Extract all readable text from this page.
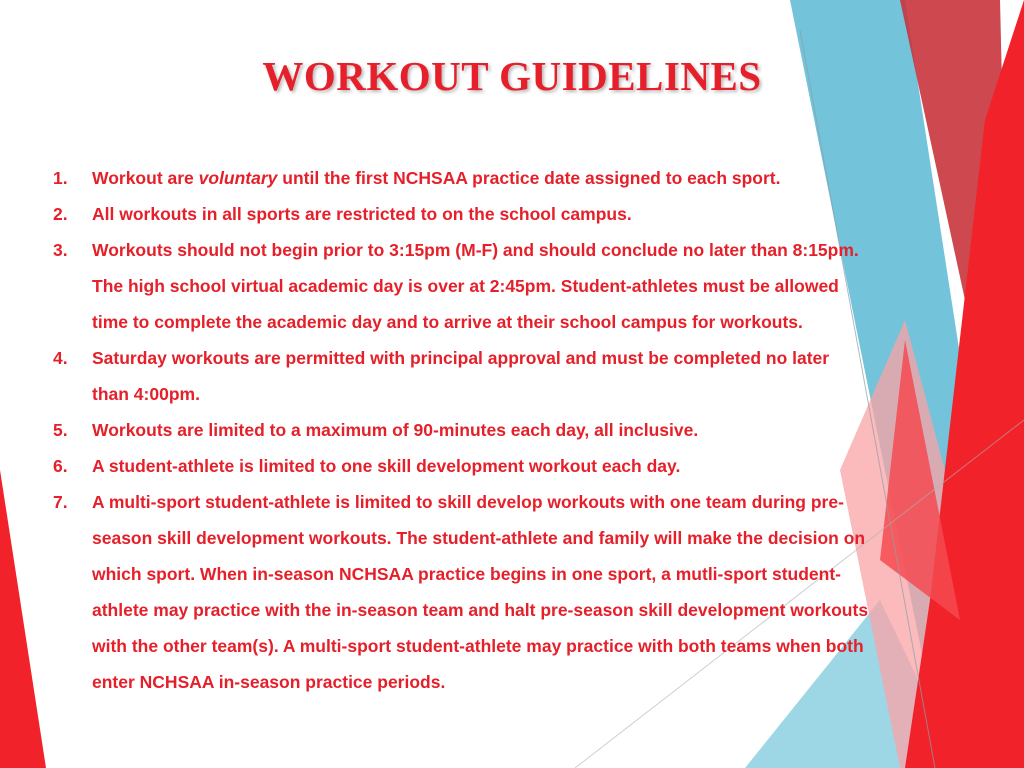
WORKOUT GUIDELINES
1. Workout are voluntary until the first NCHSAA practice date assigned to each sport.
2. All workouts in all sports are restricted to on the school campus.
3. Workouts should not begin prior to 3:15pm (M-F) and should conclude no later than 8:15pm.
The high school virtual academic day is over at 2:45pm. Student-athletes must be allowed
time to complete the academic day and to arrive at their school campus for workouts.
4. Saturday workouts are permitted with principal approval and must be completed no later
than 4:00pm.
5. Workouts are limited to a maximum of 90-minutes each day, all inclusive.
6. A student-athlete is limited to one skill development workout each day.
7. A multi-sport student-athlete is limited to skill develop workouts with one team during pre-
season skill development workouts. The student-athlete and family will make the decision on
which sport. When in-season NCHSAA practice begins in one sport, a mutli-sport student-
athlete may practice with the in-season team and halt pre-season skill development workouts
with the other team(s). A multi-sport student-athlete may practice with both teams when both
enter NCHSAA in-season practice periods.
